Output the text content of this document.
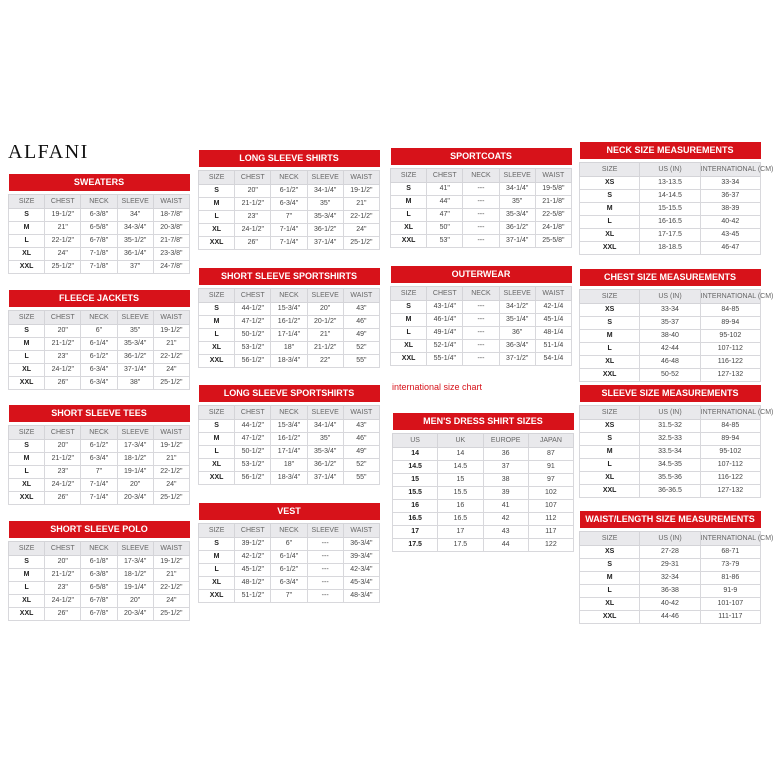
ALFANI
international size chart
SWEATERS				

SIZE	CHEST	NECK	SLEEVE	WAIST
S	19-1/2"	6-3/8"	34"	18-7/8"
M	21"	6-5/8"	34-3/4"	20-3/8"
L	22-1/2"	6-7/8"	35-1/2"	21-7/8"
XL	24"	7-1/8"	36-1/4"	23-3/8"
XXL	25-1/2"	7-1/8"	37"	24-7/8"
FLEECE JACKETS				

SIZE	CHEST	NECK	SLEEVE	WAIST
S	20"	6"	35"	19-1/2"
M	21-1/2"	6-1/4"	35-3/4"	21"
L	23"	6-1/2"	36-1/2"	22-1/2"
XL	24-1/2"	6-3/4"	37-1/4"	24"
XXL	26"	6-3/4"	38"	25-1/2"
SHORT SLEEVE TEES				

SIZE	CHEST	NECK	SLEEVE	WAIST
S	20"	6-1/2"	17-3/4"	19-1/2"
M	21-1/2"	6-3/4"	18-1/2"	21"
L	23"	7"	19-1/4"	22-1/2"
XL	24-1/2"	7-1/4"	20"	24"
XXL	26"	7-1/4"	20-3/4"	25-1/2"
SHORT SLEEVE POLO				

SIZE	CHEST	NECK	SLEEVE	WAIST
S	20"	6-1/8"	17-3/4"	19-1/2"
M	21-1/2"	6-3/8"	18-1/2"	21"
L	23"	6-5/8"	19-1/4"	22-1/2"
XL	24-1/2"	6-7/8"	20"	24"
XXL	26"	6-7/8"	20-3/4"	25-1/2"
LONG SLEEVE SHIRTS				

SIZE	CHEST	NECK	SLEEVE	WAIST
S	20"	6-1/2"	34-1/4"	19-1/2"
M	21-1/2"	6-3/4"	35"	21"
L	23"	7"	35-3/4"	22-1/2"
XL	24-1/2"	7-1/4"	36-1/2"	24"
XXL	26"	7-1/4"	37-1/4"	25-1/2"
SHORT SLEEVE SPORTSHIRTS				

SIZE	CHEST	NECK	SLEEVE	WAIST
S	44-1/2"	15-3/4"	20"	43"
M	47-1/2"	16-1/2"	20-1/2"	46"
L	50-1/2"	17-1/4"	21"	49"
XL	53-1/2"	18"	21-1/2"	52"
XXL	56-1/2"	18-3/4"	22"	55"
LONG SLEEVE SPORTSHIRTS				

SIZE	CHEST	NECK	SLEEVE	WAIST
S	44-1/2"	15-3/4"	34-1/4"	43"
M	47-1/2"	16-1/2"	35"	46"
L	50-1/2"	17-1/4"	35-3/4"	49"
XL	53-1/2"	18"	36-1/2"	52"
XXL	56-1/2"	18-3/4"	37-1/4"	55"
VEST				

SIZE	CHEST	NECK	SLEEVE	WAIST
S	39-1/2"	6"	---	36-3/4"
M	42-1/2"	6-1/4"	---	39-3/4"
L	45-1/2"	6-1/2"	---	42-3/4"
XL	48-1/2"	6-3/4"	---	45-3/4"
XXL	51-1/2"	7"	---	48-3/4"
SPORTCOATS				

SIZE	CHEST	NECK	SLEEVE	WAIST
S	41"	---	34-1/4"	19-5/8"
M	44"	---	35"	21-1/8"
L	47"	---	35-3/4"	22-5/8"
XL	50"	---	36-1/2"	24-1/8"
XXL	53"	---	37-1/4"	25-5/8"
OUTERWEAR				

SIZE	CHEST	NECK	SLEEVE	WAIST
S	43-1/4"	---	34-1/2"	42-1/4
M	46-1/4"	---	35-1/4"	45-1/4
L	49-1/4"	---	36"	48-1/4
XL	52-1/4"	---	36-3/4"	51-1/4
XXL	55-1/4"	---	37-1/2"	54-1/4
MEN'S DRESS SHIRT SIZES			

US	UK	EUROPE	JAPAN
14	14	36	87
14.5	14.5	37	91
15	15	38	97
15.5	15.5	39	102
16	16	41	107
16.5	16.5	42	112
17	17	43	117
17.5	17.5	44	122
NECK SIZE MEASUREMENTS		

SIZE	US (IN)	INTERNATIONAL (CM)
XS	13-13.5	33-34
S	14-14.5	36-37
M	15-15.5	38-39
L	16-16.5	40-42
XL	17-17.5	43-45
XXL	18-18.5	46-47
CHEST SIZE MEASUREMENTS		

SIZE	US (IN)	INTERNATIONAL (CM)
XS	33-34	84-85
S	35-37	89-94
M	38-40	95-102
L	42-44	107-112
XL	46-48	116-122
XXL	50-52	127-132
SLEEVE SIZE MEASUREMENTS		

SIZE	US (IN)	INTERNATIONAL (CM)
XS	31.5-32	84-85
S	32.5-33	89-94
M	33.5-34	95-102
L	34.5-35	107-112
XL	35.5-36	116-122
XXL	36-36.5	127-132
WAIST/LENGTH SIZE MEASUREMENTS		

SIZE	US (IN)	INTERNATIONAL (CM)
XS	27-28	68-71
S	29-31	73-79
M	32-34	81-86
L	36-38	91-9
XL	40-42	101-107
XXL	44-46	111-117
